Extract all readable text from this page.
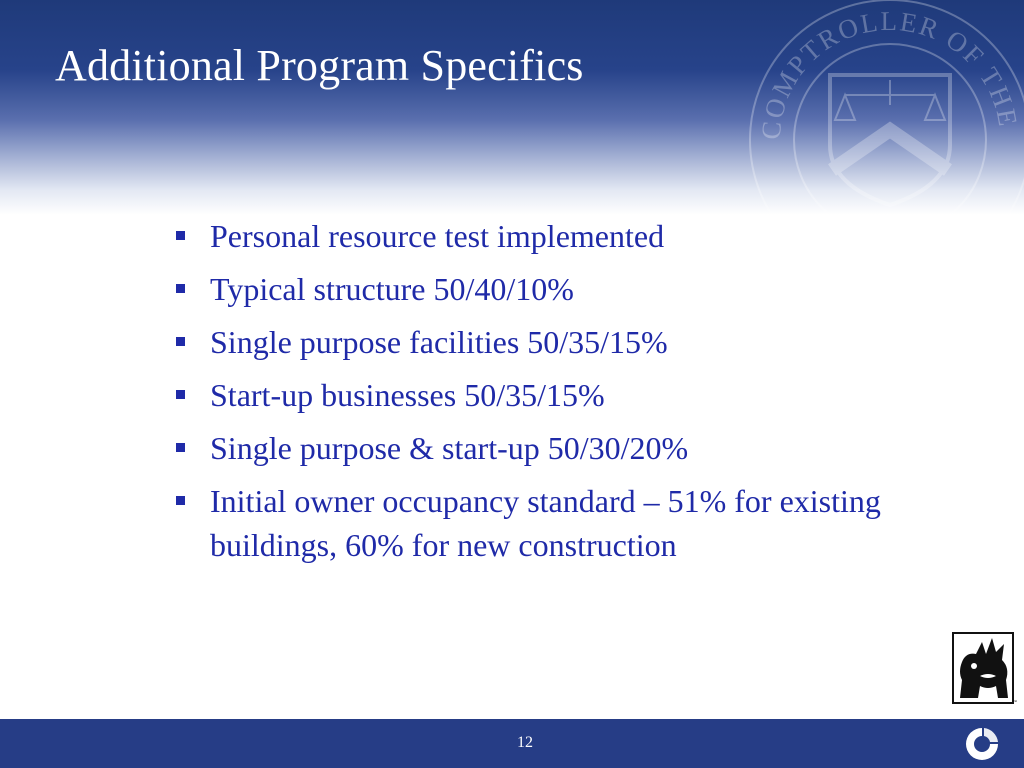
COMPTROLLER OF THE
Additional Program Specifics
Personal resource test implemented
Typical structure 50/40/10%
Single purpose facilities 50/35/15%
Start-up businesses 50/35/15%
Single purpose & start-up 50/30/20%
Initial owner occupancy standard – 51% for existing buildings, 60% for new construction
™
12
